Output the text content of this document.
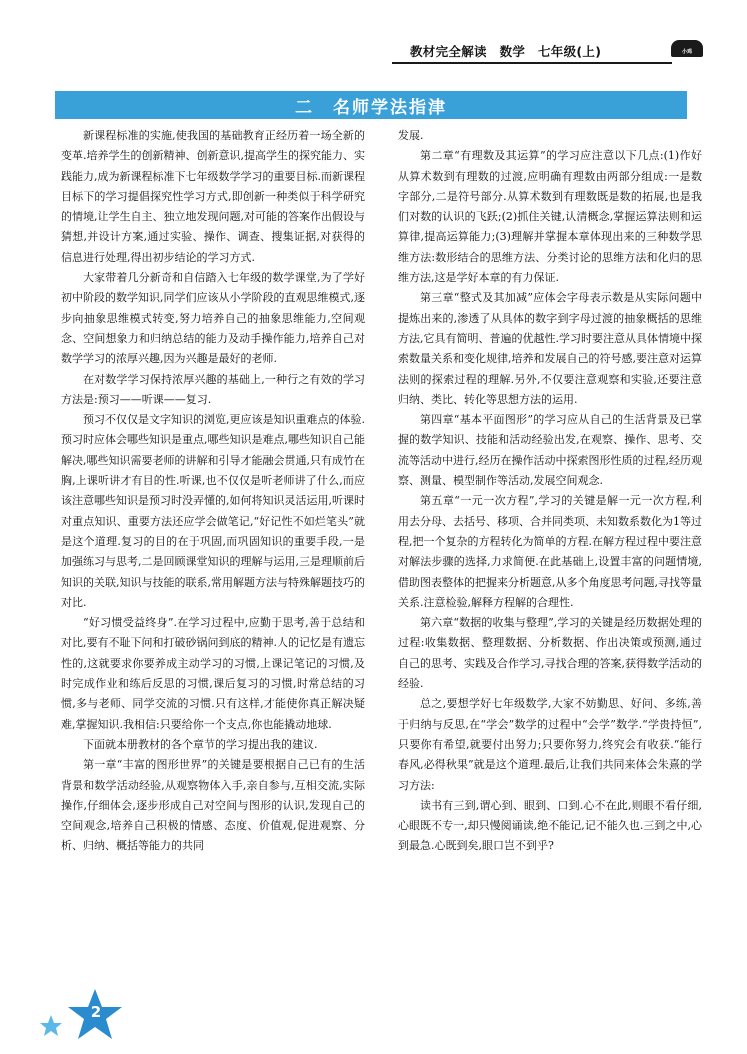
教材完全解读　数学　七年级(上)	小鸡
二　名师学法指津

新课程标准的实施,使我国的基础教育正经历着一场全新的变革.培养学生的创新精神、创新意识,提高学生的探究能力、实践能力,成为新课程标准下七年级数学学习的重要目标.而新课程目标下的学习提倡探究性学习方式,即创新一种类似于科学研究的情境,让学生自主、独立地发现问题,对可能的答案作出假设与猜想,并设计方案,通过实验、操作、调查、搜集证据,对获得的信息进行处理,得出初步结论的学习方式.

大家带着几分新奇和自信踏入七年级的数学课堂,为了学好初中阶段的数学知识,同学们应该从小学阶段的直观思维模式,逐步向抽象思维模式转变,努力培养自己的抽象思维能力,空间观念、空间想象力和归纳总结的能力及动手操作能力,培养自己对数学学习的浓厚兴趣,因为兴趣是最好的老师.

在对数学学习保持浓厚兴趣的基础上,一种行之有效的学习方法是:预习——听课——复习.

预习不仅仅是文字知识的浏览,更应该是知识重难点的体验.预习时应体会哪些知识是重点,哪些知识是难点,哪些知识自己能解决,哪些知识需要老师的讲解和引导才能融会贯通,只有成竹在胸,上课听讲才有目的性.听课,也不仅仅是听老师讲了什么,而应该注意哪些知识是预习时没弄懂的,如何将知识灵活运用,听课时对重点知识、重要方法还应学会做笔记,“好记性不如烂笔头”就是这个道理.复习的目的在于巩固,而巩固知识的重要手段,一是加强练习与思考,二是回顾课堂知识的理解与运用,三是理顺前后知识的关联,知识与技能的联系,常用解题方法与特殊解题技巧的对比.

“好习惯受益终身”.在学习过程中,应勤于思考,善于总结和对比,要有不耻下问和打破砂锅问到底的精神.人的记忆是有遗忘性的,这就要求你要养成主动学习的习惯,上课记笔记的习惯,及时完成作业和练后反思的习惯,课后复习的习惯,时常总结的习惯,多与老师、同学交流的习惯.只有这样,才能使你真正解决疑难,掌握知识.我相信:只要给你一个支点,你也能撬动地球.

下面就本册教材的各个章节的学习提出我的建议.

第一章“丰富的图形世界”的关键是要根据自己已有的生活背景和数学活动经验,从观察物体入手,亲自参与,互相交流,实际操作,仔细体会,逐步形成自己对空间与图形的认识,发现自己的空间观念,培养自己积极的情感、态度、价值观,促进观察、分析、归纳、概括等能力的共同

发展.

第二章“有理数及其运算”的学习应注意以下几点:(1)作好从算术数到有理数的过渡,应明确有理数由两部分组成:一是数字部分,二是符号部分.从算术数到有理数既是数的拓展,也是我们对数的认识的飞跃;(2)抓住关键,认清概念,掌握运算法则和运算律,提高运算能力;(3)理解并掌握本章体现出来的三种数学思维方法:数形结合的思维方法、分类讨论的思维方法和化归的思维方法,这是学好本章的有力保证.

第三章“整式及其加减”应体会字母表示数是从实际问题中提炼出来的,渗透了从具体的数字到字母过渡的抽象概括的思维方法,它具有简明、普遍的优越性.学习时要注意从具体情境中探索数量关系和变化规律,培养和发展自己的符号感,要注意对运算法则的探索过程的理解.另外,不仅要注意观察和实验,还要注意归纳、类比、转化等思想方法的运用.

第四章“基本平面图形”的学习应从自己的生活背景及已掌握的数学知识、技能和活动经验出发,在观察、操作、思考、交流等活动中进行,经历在操作活动中探索图形性质的过程,经历观察、测量、模型制作等活动,发展空间观念.

第五章“一元一次方程”,学习的关键是解一元一次方程,利用去分母、去括号、移项、合并同类项、未知数系数化为1等过程,把一个复杂的方程转化为简单的方程.在解方程过程中要注意对解法步骤的选择,力求简便.在此基础上,设置丰富的问题情境,借助图表整体的把握来分析题意,从多个角度思考问题,寻找等量关系.注意检验,解释方程解的合理性.

第六章“数据的收集与整理”,学习的关键是经历数据处理的过程:收集数据、整理数据、分析数据、作出决策或预测,通过自己的思考、实践及合作学习,寻找合理的答案,获得数学活动的经验.

总之,要想学好七年级数学,大家不妨勤思、好问、多练,善于归纳与反思,在“学会”数学的过程中“会学”数学.“学贵持恒”,只要你有希望,就要付出努力;只要你努力,终究会有收获.“能行春风,必得秋果”就是这个道理.最后,让我们共同来体会朱熹的学习方法:

读书有三到,谓心到、眼到、口到.心不在此,则眼不看仔细,心眼既不专一,却只慢阅诵读,绝不能记,记不能久也.三到之中,心到最急.心既到矣,眼口岂不到乎?

2
